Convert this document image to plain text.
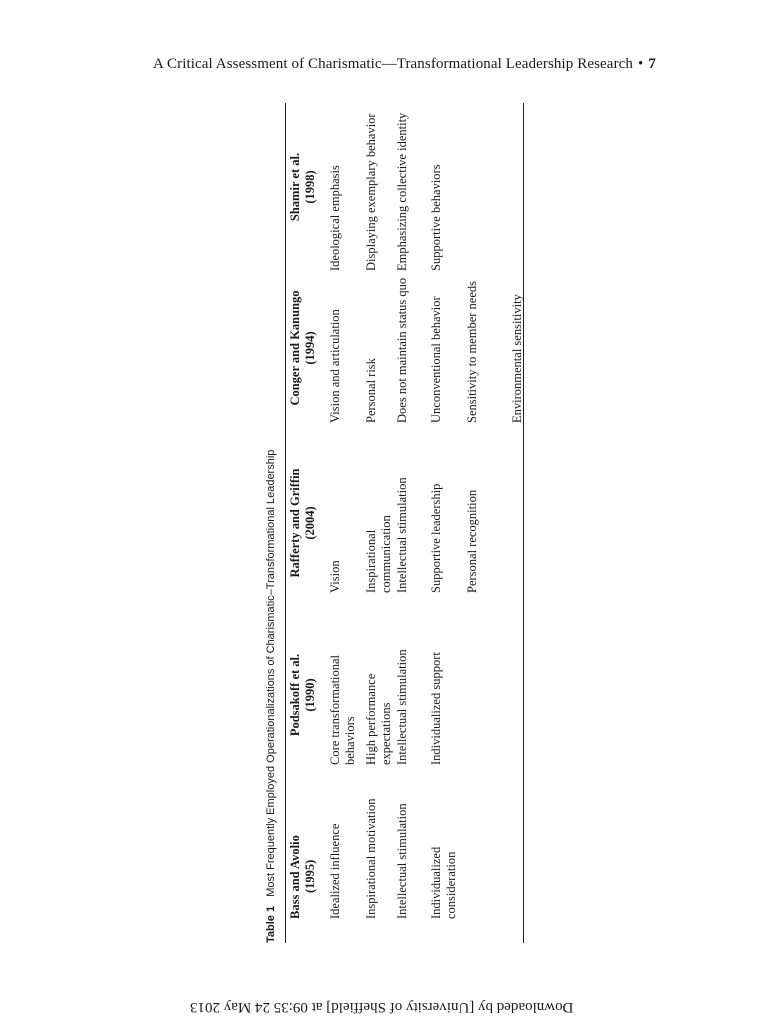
A Critical Assessment of Charismatic—Transformational Leadership Research • 7
Table 1   Most Frequently Employed Operationalizations of Charismatic–Transformational Leadership Bass and Avolio (1995) Idealized influence Inspirational motivation Intellectual stimulation Individualized consideration
Podsakoff et al. (1990) Core transformational behaviors High performance expectations Intellectual stimulation Individualized support
Rafferty and Griffin (2004)
Vision Inspirational communication Intellectual stimulation Supportive leadership Personal recognition
Conger and Kanungo (1994) Vision and articulation Personal risk Does not maintain status quo Unconventional behavior Sensitivity to member needs Environmental sensitivity
Shamir et al. (1998) Ideological emphasis Displaying exemplary behavior Emphasizing collective identity Supportive behaviors
Downloaded by [University of Sheffield] at 09:35 24 May 2013
